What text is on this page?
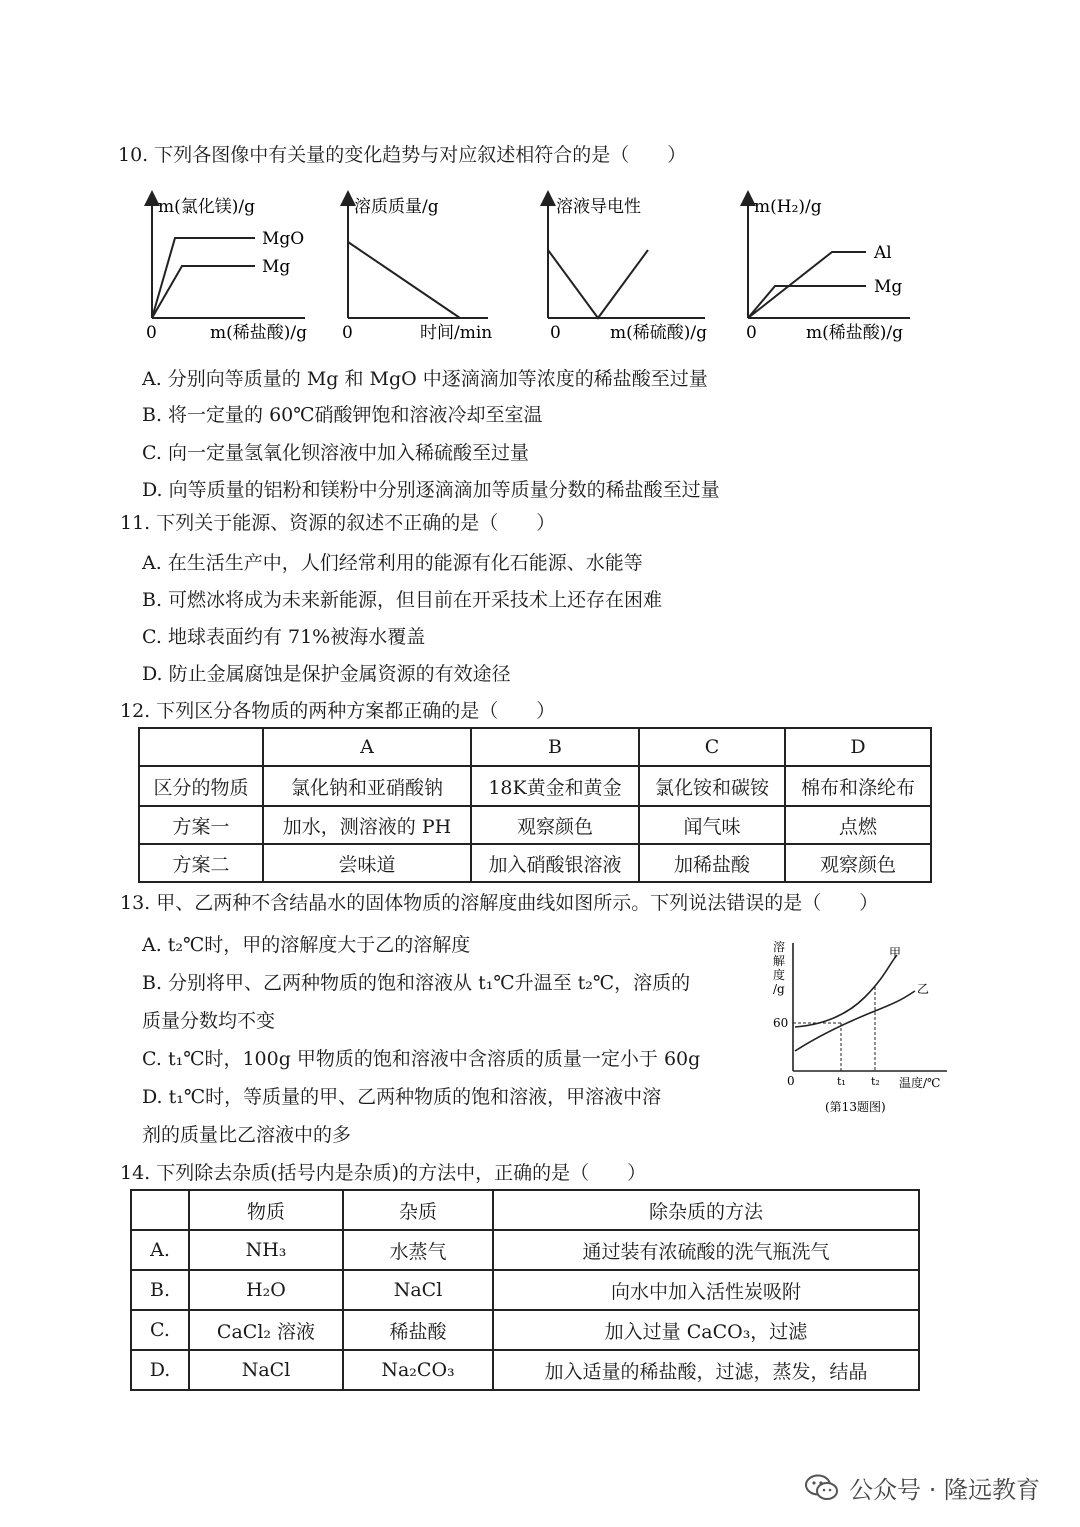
10. 下列各图像中有关量的变化趋势与对应叙述相符合的是（　　）
m(氯化镁)/g
MgO
Mg
0	m(稀盐酸)/g
溶质质量/g
0	时间/min
溶液导电性
0	m(稀硫酸)/g
m(H₂)/g
Al
Mg
0	m(稀盐酸)/g
A. 分别向等质量的 Mg 和 MgO 中逐滴滴加等浓度的稀盐酸至过量
B. 将一定量的 60℃硝酸钾饱和溶液冷却至室温
C. 向一定量氢氧化钡溶液中加入稀硫酸至过量
D. 向等质量的铝粉和镁粉中分别逐滴滴加等质量分数的稀盐酸至过量
11. 下列关于能源、资源的叙述不正确的是（　　）
A. 在生活生产中，人们经常利用的能源有化石能源、水能等
B. 可燃冰将成为未来新能源，但目前在开采技术上还存在困难
C. 地球表面约有 71%被海水覆盖
D. 防止金属腐蚀是保护金属资源的有效途径
12. 下列区分各物质的两种方案都正确的是（　　）
	A	B	C	D
区分的物质	氯化钠和亚硝酸钠	18K黄金和黄金	氯化铵和碳铵	棉布和涤纶布
方案一	加水，测溶液的 PH	观察颜色	闻气味	点燃
方案二	尝味道	加入硝酸银溶液	加稀盐酸	观察颜色
13. 甲、乙两种不含结晶水的固体物质的溶解度曲线如图所示。下列说法错误的是（　　）
A. t₂℃时，甲的溶解度大于乙的溶解度
B. 分别将甲、乙两种物质的饱和溶液从 t₁℃升温至 t₂℃，溶质的
质量分数均不变
C. t₁℃时，100g 甲物质的饱和溶液中含溶质的质量一定小于 60g
D. t₁℃时，等质量的甲、乙两种物质的饱和溶液，甲溶液中溶
剂的质量比乙溶液中的多
溶
解
度
/g
60
甲
乙
0	t₁ t₂ 温度/℃
(第13题图)
14. 下列除去杂质(括号内是杂质)的方法中，正确的是（　　）
	物质	杂质	除杂质的方法
A.	NH₃	水蒸气	通过装有浓硫酸的洗气瓶洗气
B.	H₂O	NaCl	向水中加入活性炭吸附
C.	CaCl₂ 溶液	稀盐酸	加入过量 CaCO₃，过滤
D.	NaCl	Na₂CO₃	加入适量的稀盐酸，过滤，蒸发，结晶
公众号 · 隆远教育
